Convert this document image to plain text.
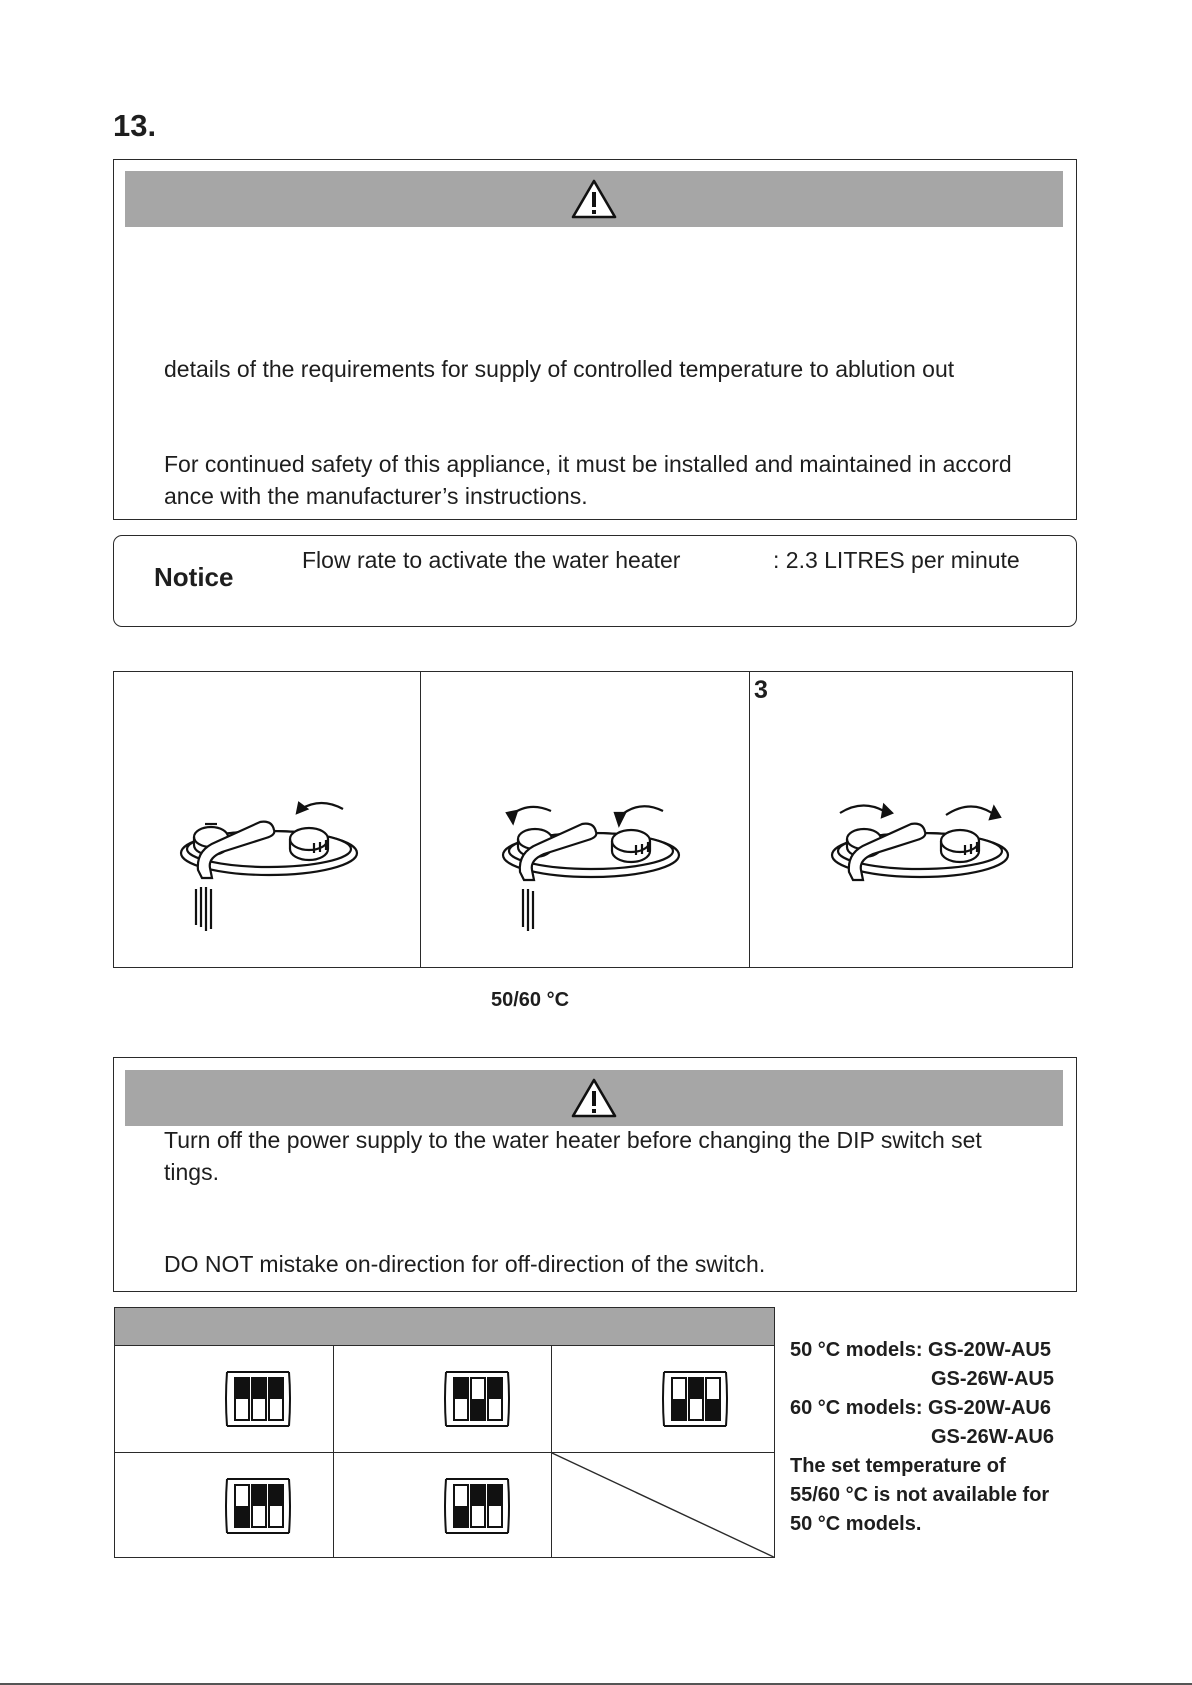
13.
details of the requirements for supply of controlled temperature to ablution out
For continued safety of this appliance, it must be installed and maintained in accord
ance with the manufacturer’s instructions.
Notice
Flow rate to activate the water heater	: 2.3 LITRES per minute
3
50/60 °C
Turn off the power supply to the water heater before changing the DIP switch set
tings.
DO NOT mistake on-direction for off-direction of the switch.

50 °C models: GS-20W-AU5
GS-26W-AU5
60 °C models: GS-20W-AU6
GS-26W-AU6
The set temperature of
55/60 °C is not available for
50 °C models.
